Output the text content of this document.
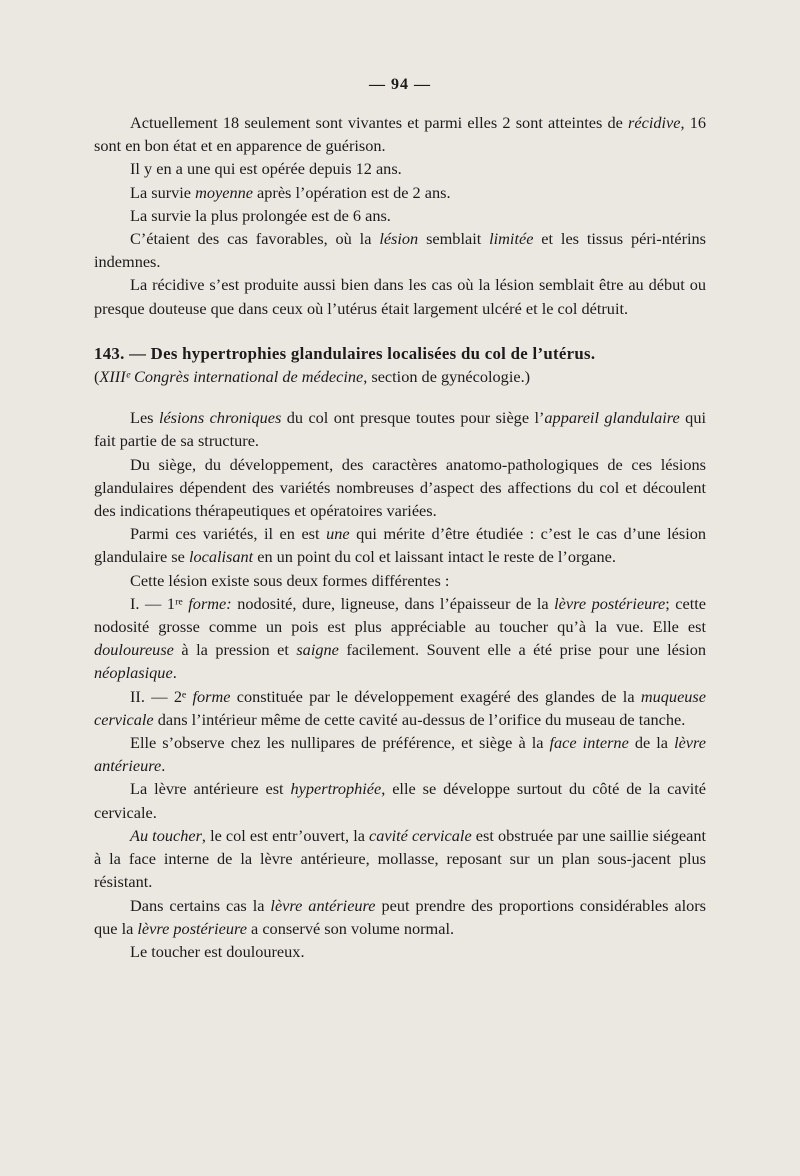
— 94 —

Actuellement 18 seulement sont vivantes et parmi elles 2 sont atteintes de récidive, 16 sont en bon état et en apparence de guérison.

Il y en a une qui est opérée depuis 12 ans.

La survie moyenne après l’opération est de 2 ans.

La survie la plus prolongée est de 6 ans.

C’étaient des cas favorables, où la lésion semblait limitée et les tissus péri-ntérins indemnes.

La récidive s’est produite aussi bien dans les cas où la lésion semblait être au début ou presque douteuse que dans ceux où l’utérus était largement ulcéré et le col détruit.

143. — Des hypertrophies glandulaires localisées du col de l’utérus.

(XIIIᵉ Congrès international de médecine, section de gynécologie.)

Les lésions chroniques du col ont presque toutes pour siège l’appareil glandulaire qui fait partie de sa structure.

Du siège, du développement, des caractères anatomo-pathologiques de ces lésions glandulaires dépendent des variétés nombreuses d’aspect des affections du col et découlent des indications thérapeutiques et opératoires variées.

Parmi ces variétés, il en est une qui mérite d’être étudiée : c’est le cas d’une lésion glandulaire se localisant en un point du col et laissant intact le reste de l’organe.

Cette lésion existe sous deux formes différentes :

I. — 1ʳᵉ forme: nodosité, dure, ligneuse, dans l’épaisseur de la lèvre postérieure; cette nodosité grosse comme un pois est plus appréciable au toucher qu’à la vue. Elle est douloureuse à la pression et saigne facilement. Souvent elle a été prise pour une lésion néoplasique.

II. — 2ᵉ forme constituée par le développement exagéré des glandes de la muqueuse cervicale dans l’intérieur même de cette cavité au-dessus de l’orifice du museau de tanche.

Elle s’observe chez les nullipares de préférence, et siège à la face interne de la lèvre antérieure.

La lèvre antérieure est hypertrophiée, elle se développe surtout du côté de la cavité cervicale.

Au toucher, le col est entr’ouvert, la cavité cervicale est obstruée par une saillie siégeant à la face interne de la lèvre antérieure, mollasse, reposant sur un plan sous-jacent plus résistant.

Dans certains cas la lèvre antérieure peut prendre des proportions considérables alors que la lèvre postérieure a conservé son volume normal.

Le toucher est douloureux.
